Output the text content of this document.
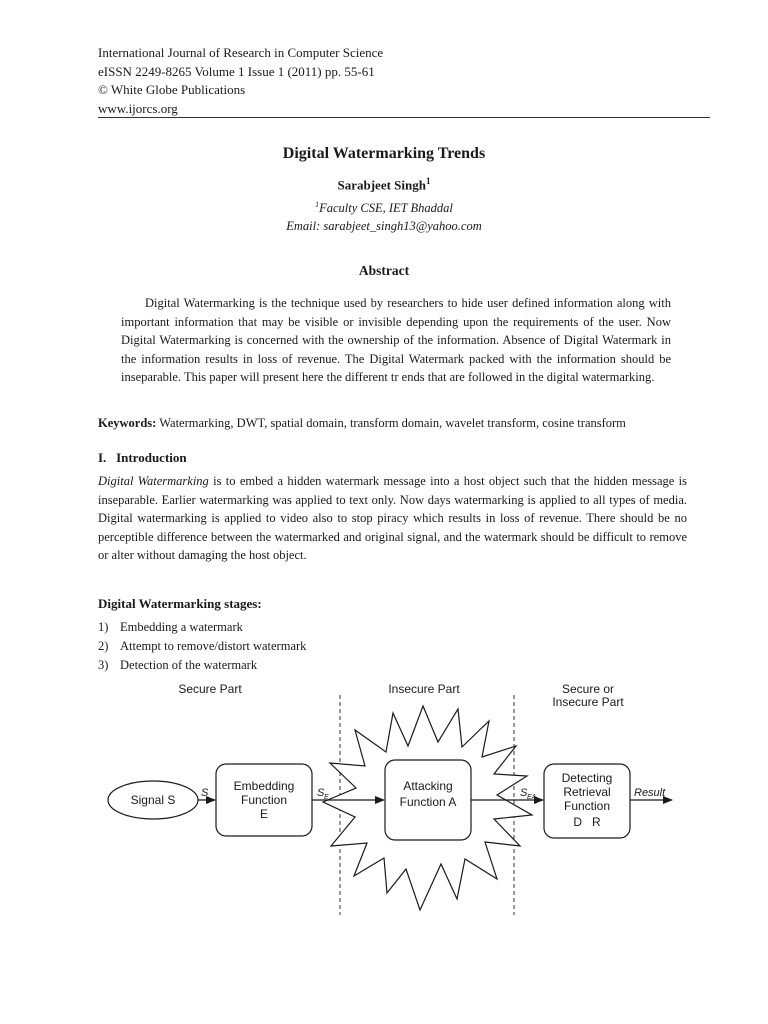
International Journal of Research in Computer Science
eISSN 2249-8265 Volume 1 Issue 1 (2011) pp. 55-61
© White Globe Publications
www.ijorcs.org
Digital Watermarking Trends
Sarabjeet Singh$^1$
$^1$Faculty CSE, IET Bhaddal
Email: sarabjeet_singh13@yahoo.com
Abstract
Digital Watermarking is the technique used by researchers to hide user defined information along with important information that may be visible or invisible depending upon the requirements of the user. Now Digital Watermarking is concerned with the ownership of the information. Absence of Digital Watermark in the information results in loss of revenue. The Digital Watermark packed with the information should be inseparable. This paper will present here the different tr ends that are followed in the digital watermarking.
Keywords: Watermarking, DWT, spatial domain, transform domain, wavelet transform, cosine transform
I. Introduction
Digital Watermarking is to embed a hidden watermark message into a host object such that the hidden message is inseparable. Earlier watermarking was applied to text only. Now days watermarking is applied to all types of media. Digital watermarking is applied to video also to stop piracy which results in loss of revenue. There should be no perceptible difference between the watermarked and original signal, and the watermark should be difficult to remove or alter without damaging the host object.
Digital Watermarking stages:
1) Embedding a watermark
2) Attempt to remove/distort watermark
3) Detection of the watermark
Secure Part	Insecure Part	Secure or
Insecure Part
Signal S
Embedding
Function
E
Attacking
Function A
Detecting
Retrieval
Function
D   R
S	S E	S EA	Result
